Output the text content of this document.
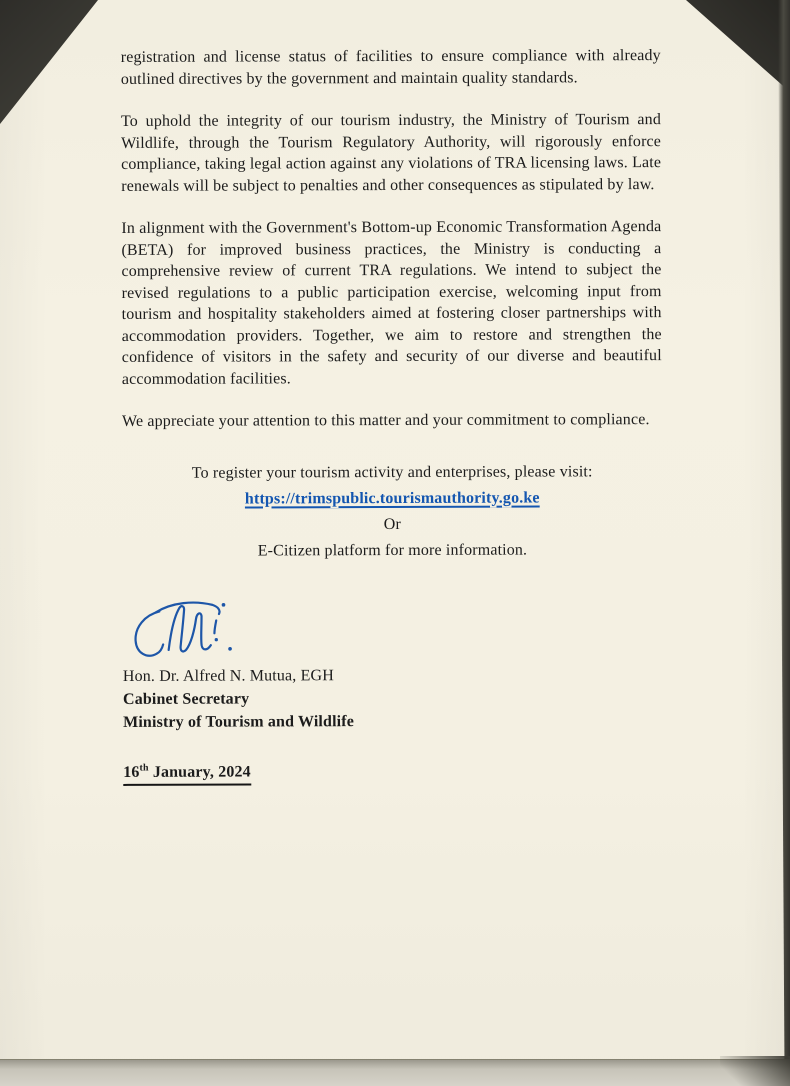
registration and license status of facilities to ensure compliance with already outlined directives by the government and maintain quality standards.

To uphold the integrity of our tourism industry, the Ministry of Tourism and Wildlife, through the Tourism Regulatory Authority, will rigorously enforce compliance, taking legal action against any violations of TRA licensing laws. Late renewals will be subject to penalties and other consequences as stipulated by law.

In alignment with the Government's Bottom-up Economic Transformation Agenda (BETA) for improved business practices, the Ministry is conducting a comprehensive review of current TRA regulations. We intend to subject the revised regulations to a public participation exercise, welcoming input from tourism and hospitality stakeholders aimed at fostering closer partnerships with accommodation providers. Together, we aim to restore and strengthen the confidence of visitors in the safety and security of our diverse and beautiful accommodation facilities.

We appreciate your attention to this matter and your commitment to compliance.

To register your tourism activity and enterprises, please visit:

https://trimspublic.tourismauthority.go.ke

Or

E-Citizen platform for more information.

Hon. Dr. Alfred N. Mutua, EGH

Cabinet Secretary

Ministry of Tourism and Wildlife

16th January, 2024
